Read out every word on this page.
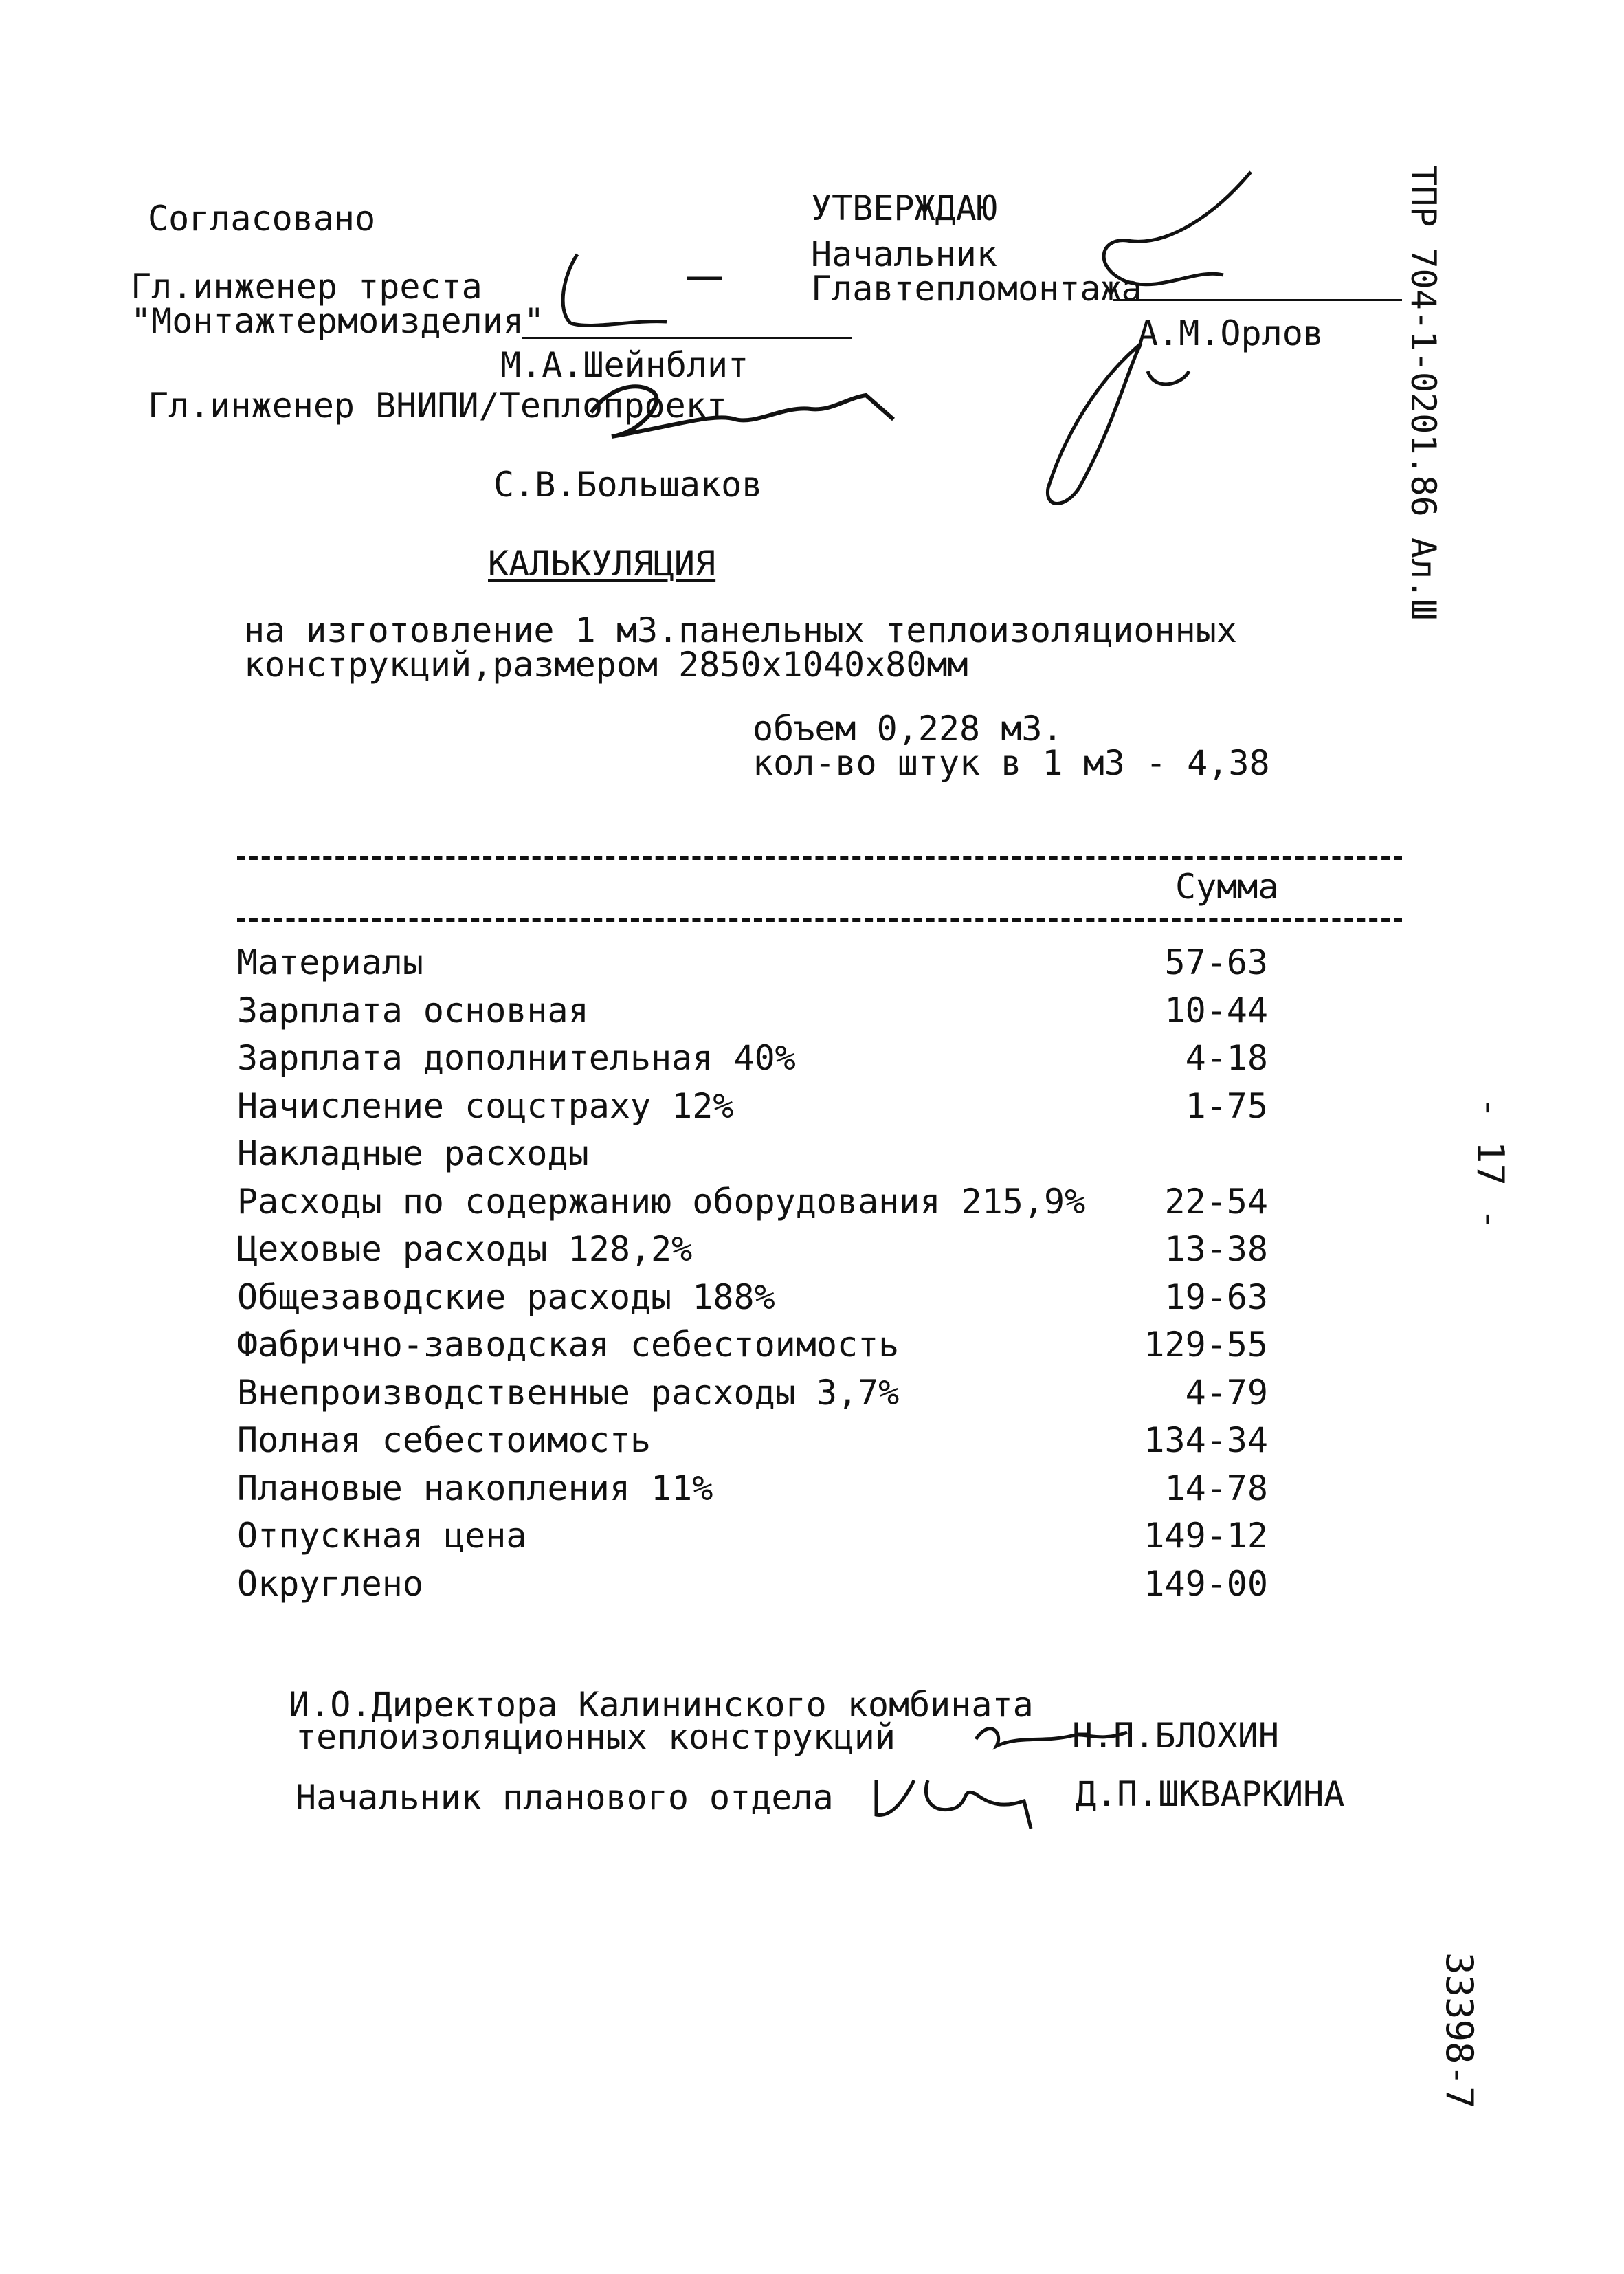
Согласовано
Гл.инженер треста
"Монтажтермоизделия"
М.А.Шейнблит
Гл.инженер ВНИПИ/Теплопроект
С.В.Большаков
УТВЕРЖДАЮ
Начальник
Главтепломонтажа
А.М.Орлов ТПР 704-1-0201.86 Ал.Ш
- 17 -
33398-7
КАЛЬКУЛЯЦИЯ
на изготовление 1 м3.панельных теплоизоляционных
конструкций,размером 2850х1040х80мм
объем 0,228 м3.
кол-во штук в 1 м3 - 4,38
Сумма
Материалы	57-63
Зарплата основная	10-44
Зарплата дополнительная 40%	4-18
Начисление соцстраху 12%	1-75
Накладные расходы
Расходы по содержанию оборудования 215,9%	22-54
Цеховые расходы 128,2%	13-38
Общезаводские расходы 188%	19-63
Фабрично-заводская себестоимость	129-55
Внепроизводственные расходы 3,7%	4-79
Полная себестоимость	134-34
Плановые накопления 11%	14-78
Отпускная цена	149-12
Округлено	149-00
И.О.Директора Калининского комбината
теплоизоляционных конструкций	Н.П.БЛОХИН
Начальник планового отдела	Д.П.ШКВАРКИНА
